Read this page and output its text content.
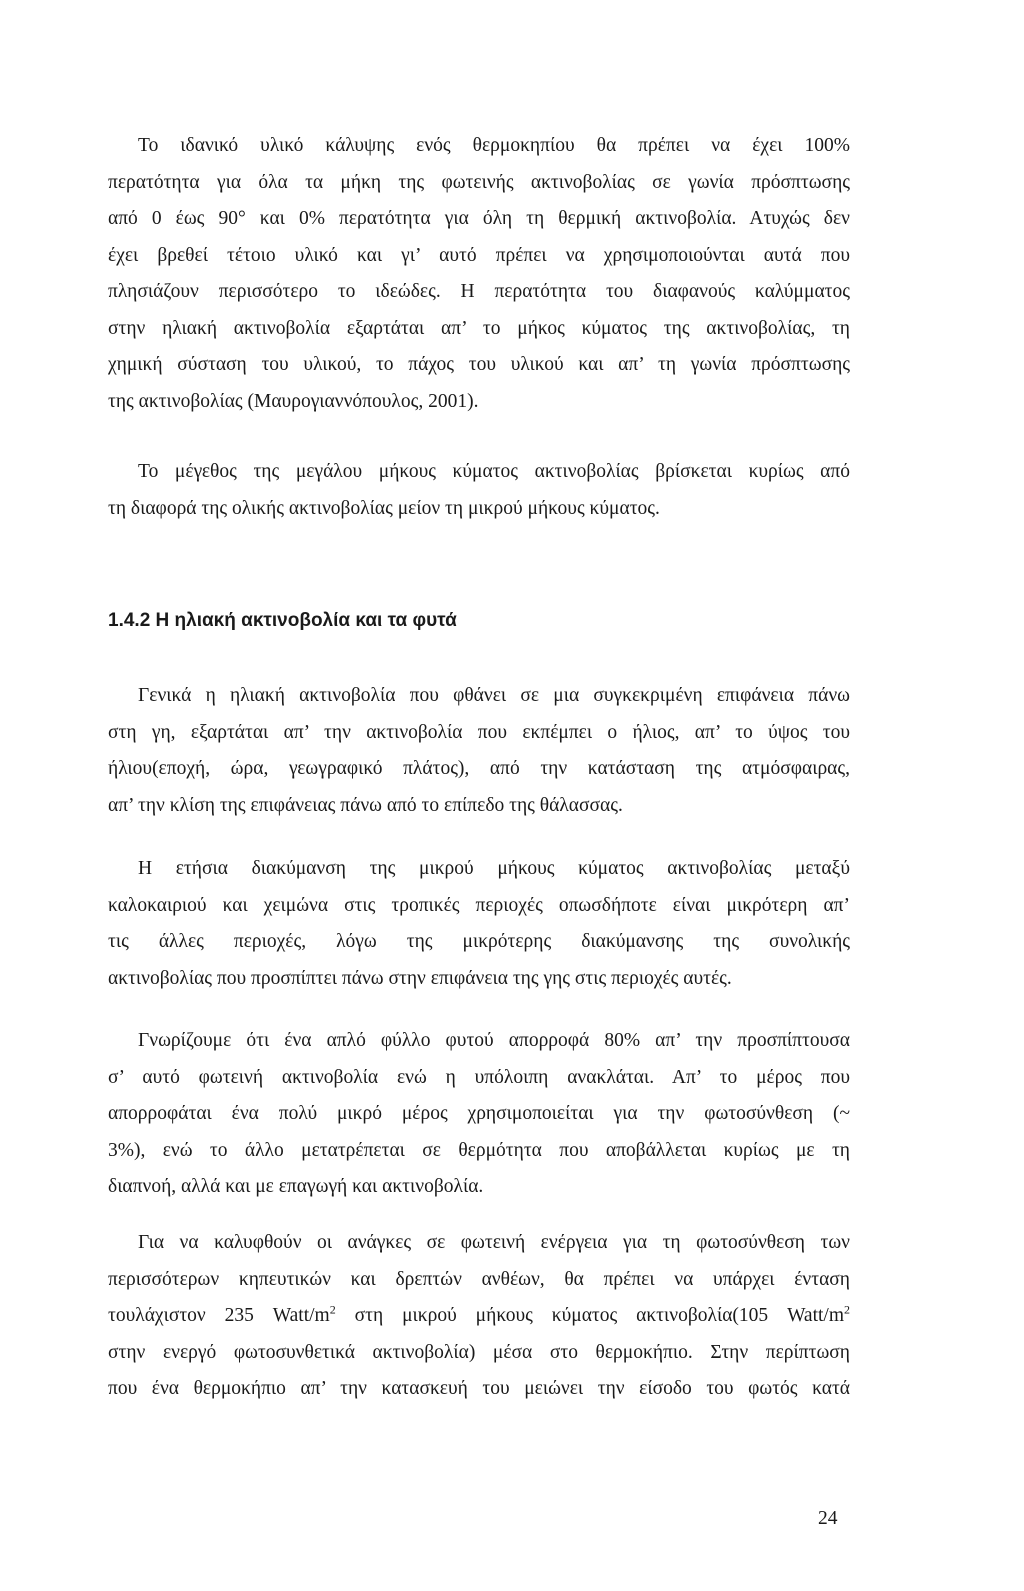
Το ιδανικό υλικό κάλυψης ενός θερμοκηπίου θα πρέπει να έχει 100%
περατότητα για όλα τα μήκη της φωτεινής ακτινοβολίας σε γωνία πρόσπτωσης
από 0 έως 90° και 0% περατότητα για όλη τη θερμική ακτινοβολία. Ατυχώς δεν
έχει βρεθεί τέτοιο υλικό και γι’ αυτό πρέπει να χρησιμοποιούνται αυτά που
πλησιάζουν περισσότερο το ιδεώδες. Η περατότητα του διαφανούς καλύμματος
στην ηλιακή ακτινοβολία εξαρτάται απ’ το μήκος κύματος της ακτινοβολίας, τη
χημική σύσταση του υλικού, το πάχος του υλικού και απ’ τη γωνία πρόσπτωσης
της ακτινοβολίας (Μαυρογιαννόπουλος, 2001).

Το μέγεθος της μεγάλου μήκους κύματος ακτινοβολίας βρίσκεται κυρίως από
τη διαφορά της ολικής ακτινοβολίας μείον τη μικρού μήκους κύματος.

1.4.2 Η ηλιακή ακτινοβολία και τα φυτά

Γενικά η ηλιακή ακτινοβολία που φθάνει σε μια συγκεκριμένη επιφάνεια πάνω
στη γη, εξαρτάται απ’ την ακτινοβολία που εκπέμπει ο ήλιος, απ’ το ύψος του
ήλιου(εποχή, ώρα, γεωγραφικό πλάτος), από την κατάσταση της ατμόσφαιρας,
απ’ την κλίση της επιφάνειας πάνω από το επίπεδο της θάλασσας.

Η ετήσια διακύμανση της μικρού μήκους κύματος ακτινοβολίας μεταξύ
καλοκαιριού και χειμώνα στις τροπικές περιοχές οπωσδήποτε είναι μικρότερη απ’
τις άλλες περιοχές, λόγω της μικρότερης διακύμανσης της συνολικής
ακτινοβολίας που προσπίπτει πάνω στην επιφάνεια της γης στις περιοχές αυτές.

Γνωρίζουμε ότι ένα απλό φύλλο φυτού απορροφά 80% απ’ την προσπίπτουσα
σ’ αυτό φωτεινή ακτινοβολία ενώ η υπόλοιπη ανακλάται. Απ’ το μέρος που
απορροφάται ένα πολύ μικρό μέρος χρησιμοποιείται για την φωτοσύνθεση (~
3%), ενώ το άλλο μετατρέπεται σε θερμότητα που αποβάλλεται κυρίως με τη
διαπνοή, αλλά και με επαγωγή και ακτινοβολία.

Για να καλυφθούν οι ανάγκες σε φωτεινή ενέργεια για τη φωτοσύνθεση των
περισσότερων κηπευτικών και δρεπτών ανθέων, θα πρέπει να υπάρχει ένταση
τουλάχιστον 235 Watt/$m^2$ στη μικρού μήκους κύματος ακτινοβολία(105 Watt/$m^2$
στην ενεργό φωτοσυνθετικά ακτινοβολία) μέσα στο θερμοκήπιο. Στην περίπτωση
που ένα θερμοκήπιο απ’ την κατασκευή του μειώνει την είσοδο του φωτός κατά

24
